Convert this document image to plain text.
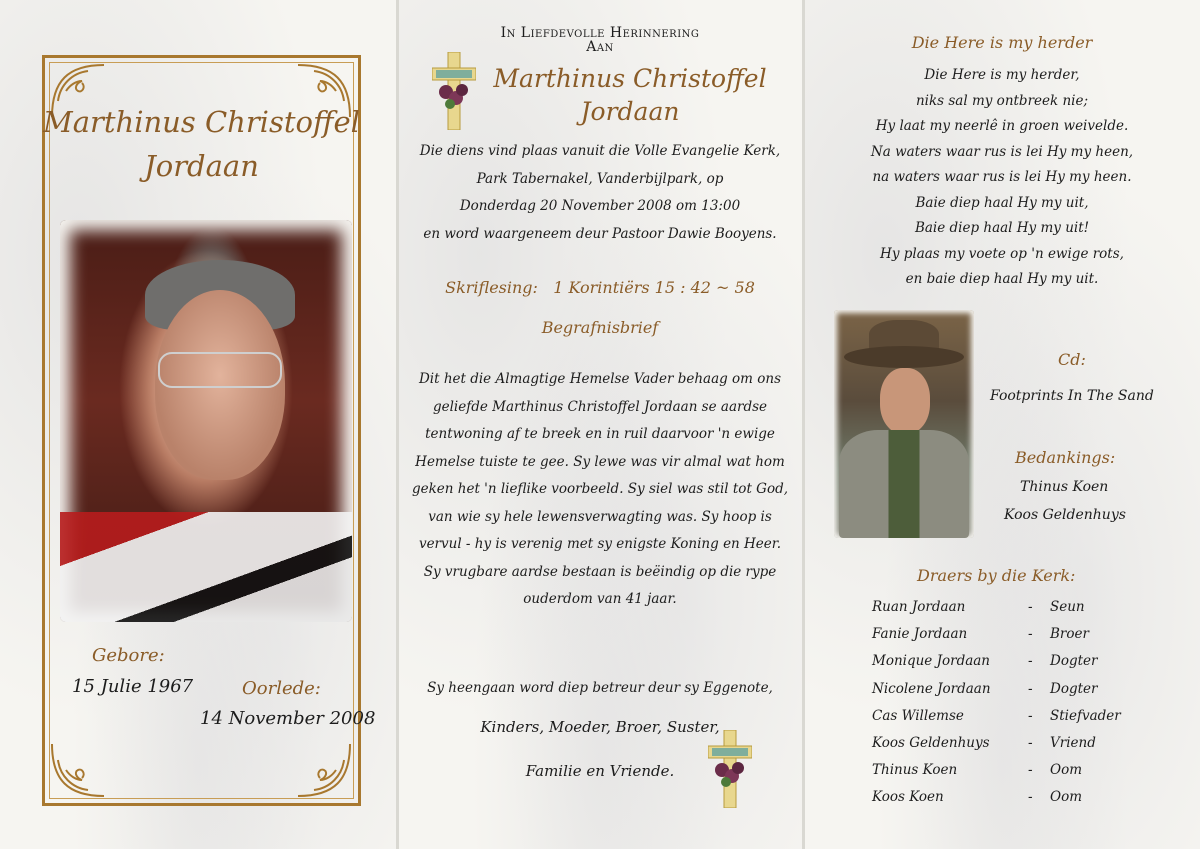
Marthinus Christoffel
Jordaan
Gebore:
15 Julie 1967	Oorlede:
14 November 2008
In Liefdevolle Herinnering
Aan
Marthinus Christoffel
Jordaan
Die diens vind plaas vanuit die Volle Evangelie Kerk,
Park Tabernakel, Vanderbijlpark, op
Donderdag 20 November 2008 om 13:00
en word waargeneem deur Pastoor Dawie Booyens.
Skriflesing: 1 Korintiërs 15 : 42 ~ 58
Begrafnisbrief
Dit het die Almagtige Hemelse Vader behaag om ons
geliefde Marthinus Christoffel Jordaan se aardse
tentwoning af te breek en in ruil daarvoor 'n ewige
Hemelse tuiste te gee. Sy lewe was vir almal wat hom
geken het 'n lieflike voorbeeld. Sy siel was stil tot God,
van wie sy hele lewensverwagting was. Sy hoop is
vervul - hy is verenig met sy enigste Koning en Heer.
Sy vrugbare aardse bestaan is beëindig op die rype
ouderdom van 41 jaar.
Sy heengaan word diep betreur deur sy Eggenote,
Kinders, Moeder, Broer, Suster,
Familie en Vriende.
Die Here is my herder
Die Here is my herder,
niks sal my ontbreek nie;
Hy laat my neerlê in groen weivelde.
Na waters waar rus is lei Hy my heen,
na waters waar rus is lei Hy my heen.
Baie diep haal Hy my uit,
Baie diep haal Hy my uit!
Hy plaas my voete op 'n ewige rots,
en baie diep haal Hy my uit.
Cd:
Footprints In The Sand
Bedankings:
Thinus Koen
Koos Geldenhuys
Draers by die Kerk:
Ruan Jordaan	- Seun
Fanie Jordaan	- Broer
Monique Jordaan	- Dogter
Nicolene Jordaan	- Dogter
Cas Willemse	- Stiefvader
Koos Geldenhuys	- Vriend
Thinus Koen	- Oom
Koos Koen	- Oom
